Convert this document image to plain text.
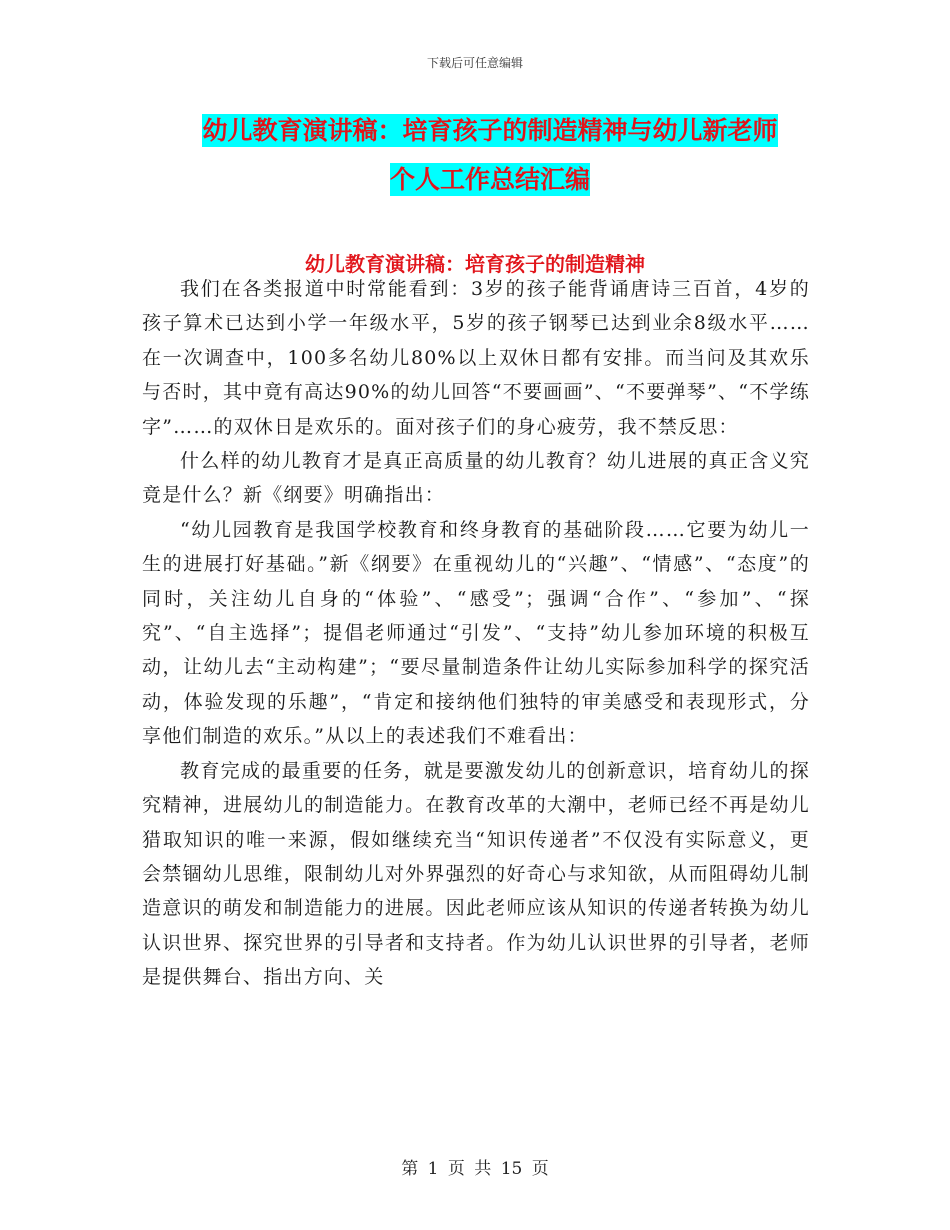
下载后可任意编辑
幼儿教育演讲稿：培育孩子的制造精神与幼儿新老师
个人工作总结汇编
幼儿教育演讲稿：培育孩子的制造精神

我们在各类报道中时常能看到：3岁的孩子能背诵唐诗三百首，4岁的孩子算术已达到小学一年级水平，5岁的孩子钢琴已达到业余8级水平……在一次调查中，100多名幼儿80%以上双休日都有安排。而当问及其欢乐与否时，其中竟有高达90%的幼儿回答“不要画画”、“不要弹琴”、“不学练字”……的双休日是欢乐的。面对孩子们的身心疲劳，我不禁反思：

什么样的幼儿教育才是真正高质量的幼儿教育？幼儿进展的真正含义究竟是什么？新《纲要》明确指出：

“幼儿园教育是我国学校教育和终身教育的基础阶段……它要为幼儿一生的进展打好基础。”新《纲要》在重视幼儿的“兴趣”、“情感”、“态度”的同时，关注幼儿自身的“体验”、“感受”；强调“合作”、“参加”、“探究”、“自主选择”；提倡老师通过“引发”、“支持”幼儿参加环境的积极互动，让幼儿去“主动构建”；“要尽量制造条件让幼儿实际参加科学的探究活动，体验发现的乐趣”，“肯定和接纳他们独特的审美感受和表现形式，分享他们制造的欢乐。”从以上的表述我们不难看出：

教育完成的最重要的任务，就是要激发幼儿的创新意识，培育幼儿的探究精神，进展幼儿的制造能力。在教育改革的大潮中，老师已经不再是幼儿猎取知识的唯一来源，假如继续充当“知识传递者”不仅没有实际意义，更会禁锢幼儿思维，限制幼儿对外界强烈的好奇心与求知欲，从而阻碍幼儿制造意识的萌发和制造能力的进展。因此老师应该从知识的传递者转换为幼儿认识世界、探究世界的引导者和支持者。作为幼儿认识世界的引导者，老师是提供舞台、指出方向、关

第 1 页 共 15 页
